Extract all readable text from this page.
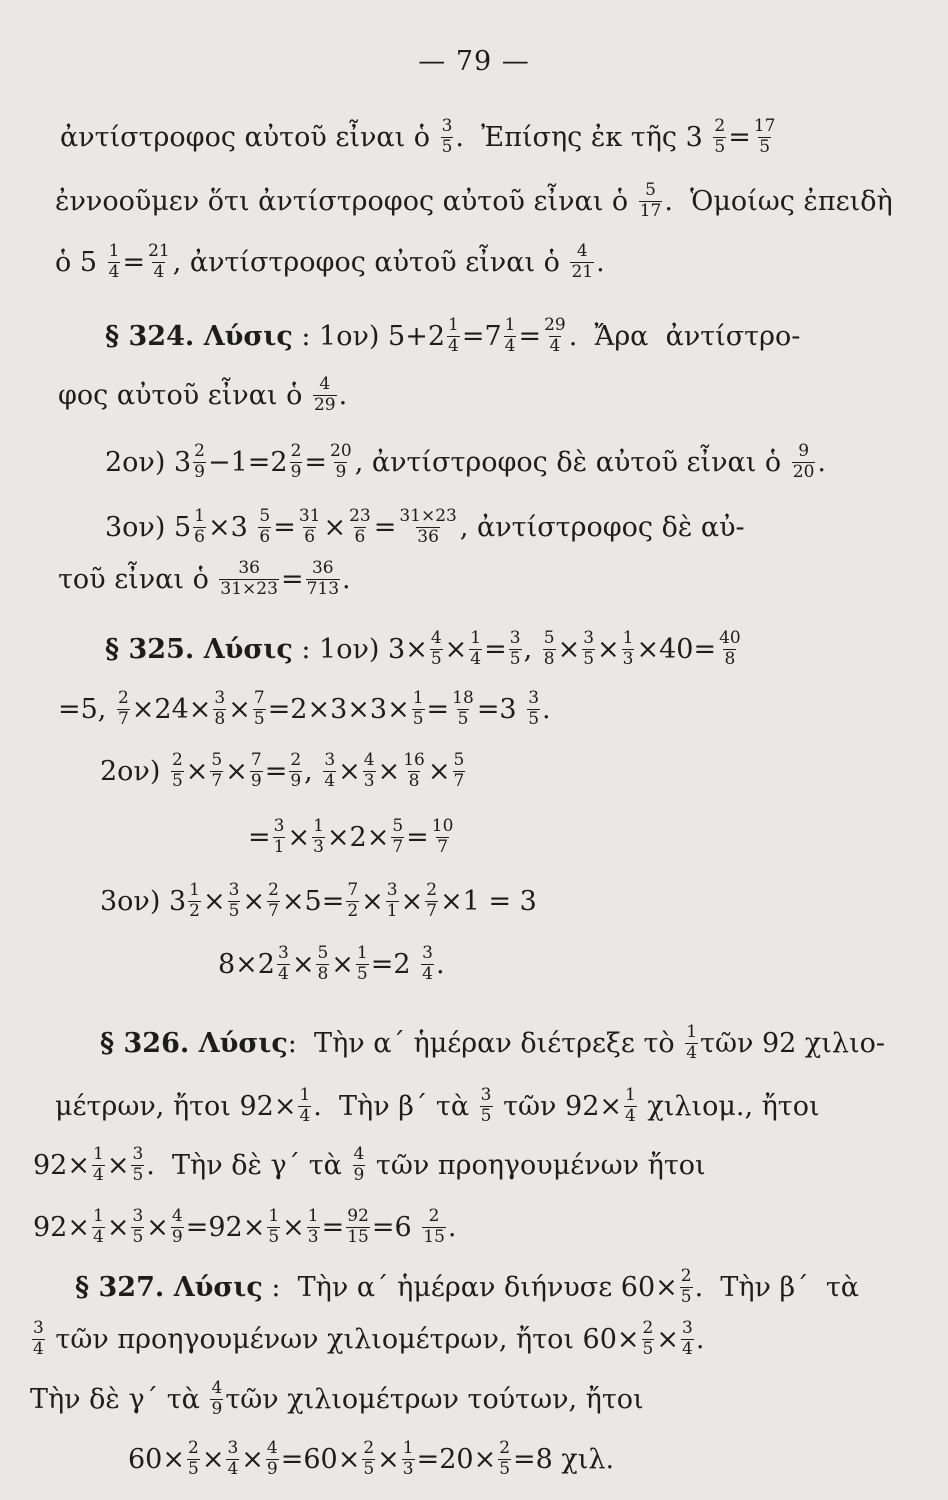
— 79 —
ἀντίστροφος αὐτοῦ εἶναι ὁ $\frac{3}{5}$ .  Ἐπίσης ἐκ τῆς $3 \frac{2}{5} = \frac{17}{5}$
ἐννοοῦμεν ὅτι ἀντίστροφος αὐτοῦ εἶναι ὁ $\frac{5}{17}$ .  Ὁμοίως ἐπειδὴ
ὁ $5 \frac{1}{4} = \frac{21}{4}$ , ἀντίστροφος αὐτοῦ εἶναι ὁ $\frac{4}{21}$ .
§ 324. Λύσις : 1ον) $5+2 \frac{1}{4} =7 \frac{1}{4} = \frac{29}{4}$ .  Ἄρα  ἀντίστρο-
φος αὐτοῦ εἶναι ὁ $\frac{4}{29}$ .
2ον) $3 \frac{2}{9} -1=2 \frac{2}{9} = \frac{20}{9}$ , ἀντίστροφος δὲ αὐτοῦ εἶναι ὁ $\frac{9}{20}$ .
3ον) $5 \frac{1}{6} \times 3 \frac{5}{6} = \frac{31}{6} \times \frac{23}{6} = \frac{31\times 23}{36}$ , ἀντίστροφος δὲ αὐ-
τοῦ εἶναι ὁ $\frac{36}{31\times 23} = \frac{36}{713}$ .
§ 325. Λύσις : 1ον) $3\times \frac{4}{5} \times \frac{1}{4} = \frac{3}{5}$ , $\frac{5}{8} \times \frac{3}{5} \times \frac{1}{3} \times 40= \frac{40}{8}$
=5, $\frac{2}{7} \times 24\times \frac{3}{8} \times \frac{7}{5} =2\times 3\times 3\times \frac{1}{5} = \frac{18}{5} =3 \frac{3}{5}$ .
$2o\nu) \frac{2}{5} \times \frac{5}{7} \times \frac{7}{9} = \frac{2}{9}$ , $\frac{3}{4} \times \frac{4}{3} \times \frac{16}{8} \times \frac{5}{7}$
= $\frac{3}{1} \times \frac{1}{3} \times 2\times \frac{5}{7} = \frac{10}{7}$
3ον) $3 \frac{1}{2} \times \frac{3}{5} \times \frac{2}{7} \times 5= \frac{7}{2} \times \frac{3}{1} \times \frac{2}{7} \times 1 = 3$
$8\times 2 \frac{3}{4} \times \frac{5}{8} \times \frac{1}{5} =2 \frac{3}{4}$ .
§ 326. Λύσις :  Τὴν α΄ ἡμέραν διέτρεξε τὸ $\frac{1}{4}$ τῶν 92 χιλιο-
μέτρων, ἤτοι $92\times \frac{1}{4}$ .  Τὴν β΄ τὰ $\frac{3}{5}$ τῶν $92\times \frac{1}{4} \chi\iota\lambda\iota o\mu$., ἤτοι
$92\times \frac{1}{4} \times \frac{3}{5}$ .  Τὴν δὲ γ΄ τὰ $\frac{4}{9}$ τῶν προηγουμένων ἤτοι
$92\times \frac{1}{4} \times \frac{3}{5} \times \frac{4}{9} =92\times \frac{1}{5} \times \frac{1}{3} = \frac{92}{15} =6 \frac{2}{15}$ .
§ 327. Λύσις :  Τὴν α΄ ἡμέραν διήνυσε $60\times \frac{2}{5}$ .  Τὴν β΄  τὰ
$\frac{3}{4}$ τῶν προηγουμένων χιλιομέτρων, ἤτοι $60\times \frac{2}{5} \times \frac{3}{4}$ .
Τὴν δὲ γ΄ τὰ $\frac{4}{9}$ τῶν χιλιομέτρων τούτων, ἤτοι
$60\times \frac{2}{5} \times \frac{3}{4} \times \frac{4}{9} =60\times \frac{2}{5} \times \frac{1}{3} =20\times \frac{2}{5} =8$ χιλ.
